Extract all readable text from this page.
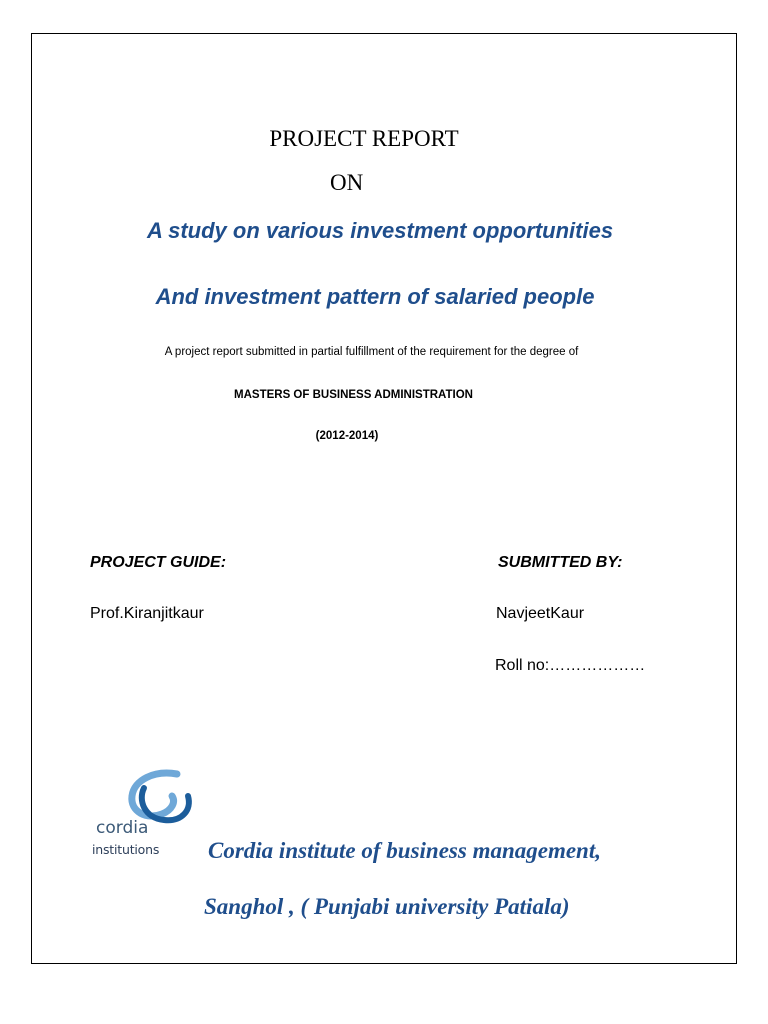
PROJECT REPORT
ON
A study on various investment opportunities
And investment pattern of salaried people
A project report submitted in partial fulfillment of the requirement for the degree of
MASTERS OF BUSINESS ADMINISTRATION
(2012-2014)
PROJECT GUIDE:	SUBMITTED BY:
Prof.Kiranjitkaur	NavjeetKaur
Roll no:………………
cordia
institutions Cordia institute of business management,
Sanghol , ( Punjabi university Patiala)
